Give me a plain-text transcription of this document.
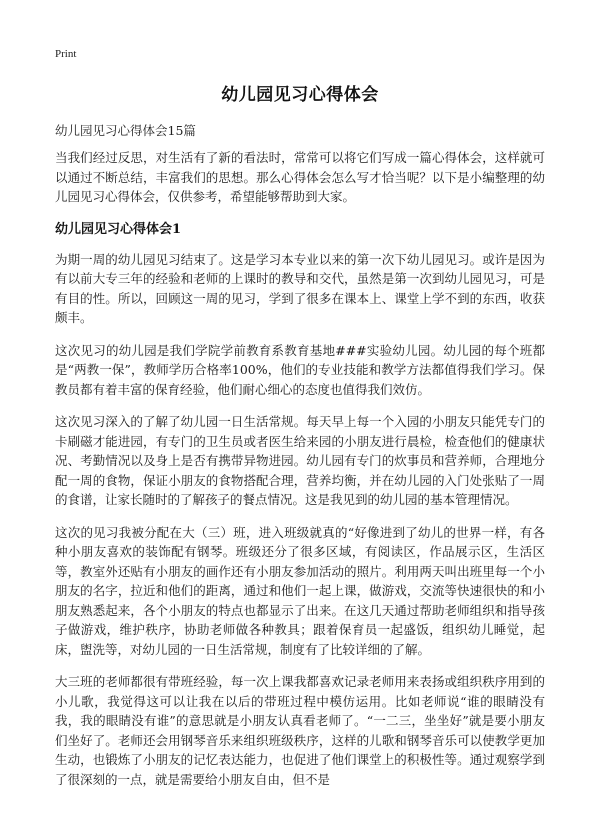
Print
幼儿园见习心得体会
幼儿园见习心得体会15篇

当我们经过反思，对生活有了新的看法时，常常可以将它们写成一篇心得体会，这样就可以通过不断总结，丰富我们的思想。那么心得体会怎么写才恰当呢？以下是小编整理的幼儿园见习心得体会，仅供参考，希望能够帮助到大家。

幼儿园见习心得体会1

为期一周的幼儿园见习结束了。这是学习本专业以来的第一次下幼儿园见习。或许是因为有以前大专三年的经验和老师的上课时的教导和交代，虽然是第一次到幼儿园见习，可是有目的性。所以，回顾这一周的见习，学到了很多在课本上、课堂上学不到的东西，收获颇丰。

这次见习的幼儿园是我们学院学前教育系教育基地###实验幼儿园。幼儿园的每个班都是“两教一保”，教师学历合格率100%，他们的专业技能和教学方法都值得我们学习。保教员都有着丰富的保育经验，他们耐心细心的态度也值得我们效仿。

这次见习深入的了解了幼儿园一日生活常规。每天早上每一个入园的小朋友只能凭专门的卡刷磁才能进园，有专门的卫生员或者医生给来园的小朋友进行晨检，检查他们的健康状况、考勤情况以及身上是否有携带异物进园。幼儿园有专门的炊事员和营养师，合理地分配一周的食物，保证小朋友的食物搭配合理，营养均衡，并在幼儿园的入门处张贴了一周的食谱，让家长随时的了解孩子的餐点情况。这是我见到的幼儿园的基本管理情况。

这次的见习我被分配在大（三）班，进入班级就真的“好像进到了幼儿的世界一样，有各种小朋友喜欢的装饰配有钢琴。班级还分了很多区域，有阅读区，作品展示区，生活区等，教室外还贴有小朋友的画作还有小朋友参加活动的照片。利用两天叫出班里每一个小朋友的名字，拉近和他们的距离，通过和他们一起上课，做游戏，交流等快速很快的和小朋友熟悉起来，各个小朋友的特点也都显示了出来。在这几天通过帮助老师组织和指导孩子做游戏，维护秩序，协助老师做各种教具；跟着保育员一起盛饭，组织幼儿睡觉，起床，盥洗等，对幼儿园的一日生活常规，制度有了比较详细的了解。

大三班的老师都很有带班经验，每一次上课我都喜欢记录老师用来表扬或组织秩序用到的小儿歌，我觉得这可以让我在以后的带班过程中模仿运用。比如老师说“谁的眼睛没有我，我的眼睛没有谁”的意思就是小朋友认真看老师了。“一二三，坐坐好”就是要小朋友们坐好了。老师还会用钢琴音乐来组织班级秩序，这样的儿歌和钢琴音乐可以使教学更加生动，也锻炼了小朋友的记忆表达能力，也促进了他们课堂上的积极性等。通过观察学到了很深刻的一点，就是需要给小朋友自由，但不是
